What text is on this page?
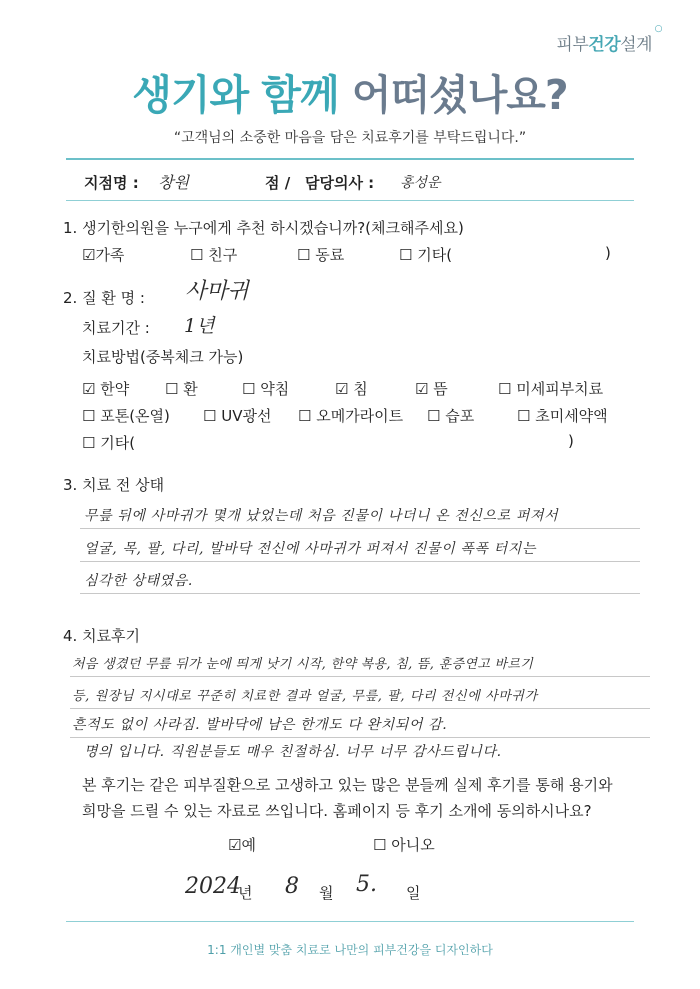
피부건강설계
○
생기와 함께 어떠셨나요?
“고객님의 소중한 마음을 담은 치료후기를 부탁드립니다.”
지점명 : 창원	점 / 담당의사 : 홍성운
1. 생기한의원을 누구에게 추천 하시겠습니까?(체크해주세요)
☑가족	☐ 친구	☐ 동료	☐ 기타(	)
2. 질 환 명 : 사마귀
치료기간 : 1년
치료방법(중복체크 가능)
☑ 한약 ☐ 환	☐ 약침	☑ 침	☑ 뜸	☐ 미세피부치료
☐ 포톤(온열) ☐ UV광선 ☐ 오메가라이트 ☐ 습포	☐ 초미세약액
☐ 기타(	)
3. 치료 전 상태
무릎 뒤에 사마귀가 몇개 났었는데 처음 진물이 나더니 온 전신으로 퍼져서
얼굴, 목, 팔, 다리, 발바닥 전신에 사마귀가 퍼져서 진물이 폭폭 터지는
심각한 상태였음.
4. 치료후기
처음 생겼던 무릎 뒤가 눈에 띄게 낫기 시작, 한약 복용, 침, 뜸, 훈증연고 바르기
등, 원장님 지시대로 꾸준히 치료한 결과 얼굴, 무릎, 팔, 다리 전신에 사마귀가
흔적도 없이 사라짐. 발바닥에 남은 한개도 다 완치되어 감.
명의 입니다. 직원분들도 매우 친절하심. 너무 너무 감사드립니다.
본 후기는 같은 피부질환으로 고생하고 있는 많은 분들께 실제 후기를 통해 용기와
희망을 드릴 수 있는 자료로 쓰입니다. 홈페이지 등 후기 소개에 동의하시나요?
☑예	☐ 아니오
2024
년 8 월 5. 일
1:1 개인별 맞춤 치료로 나만의 피부건강을 디자인하다
